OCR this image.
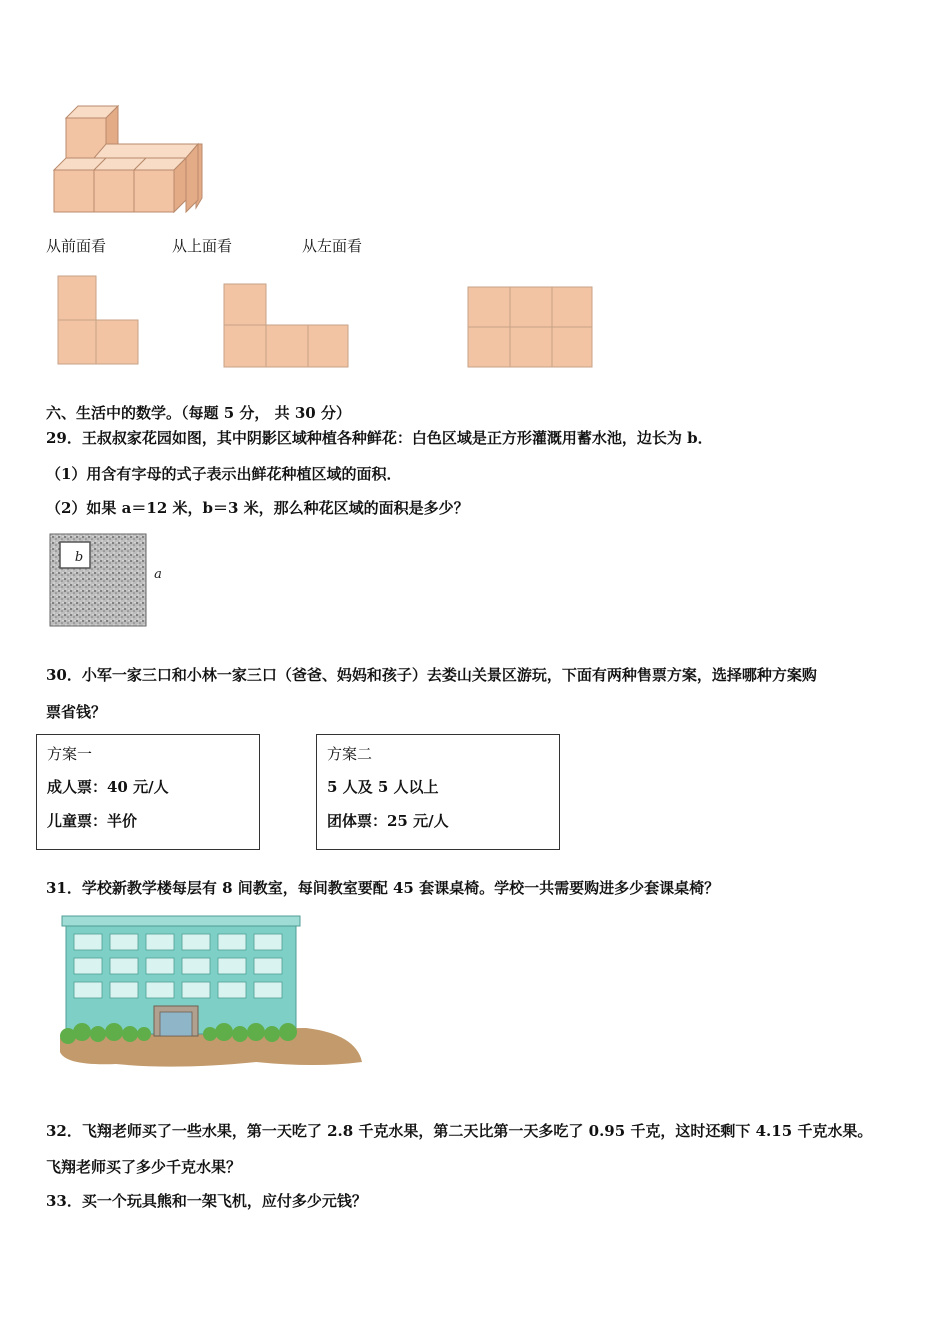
从前面看	从上面看	从左面看
六、生活中的数学。（每题 5 分， 共 30 分）
29．王叔叔家花园如图，其中阴影区域种植各种鲜花：白色区域是正方形灌溉用蓄水池，边长为 b．
（1）用含有字母的式子表示出鲜花种植区域的面积．
（2）如果 a＝12 米，b＝3 米，那么种花区域的面积是多少？
b
a
30．小军一家三口和小林一家三口（爸爸、妈妈和孩子）去娄山关景区游玩，下面有两种售票方案，选择哪种方案购
票省钱？
方案一
成人票：40 元/人
儿童票：半价
方案二
5 人及 5 人以上
团体票：25 元/人
31．学校新教学楼每层有 8 间教室，每间教室要配 45 套课桌椅。学校一共需要购进多少套课桌椅？
32．飞翔老师买了一些水果，第一天吃了 2.8 千克水果，第二天比第一天多吃了 0.95 千克，这时还剩下 4.15 千克水果。
飞翔老师买了多少千克水果？
33．买一个玩具熊和一架飞机，应付多少元钱？
